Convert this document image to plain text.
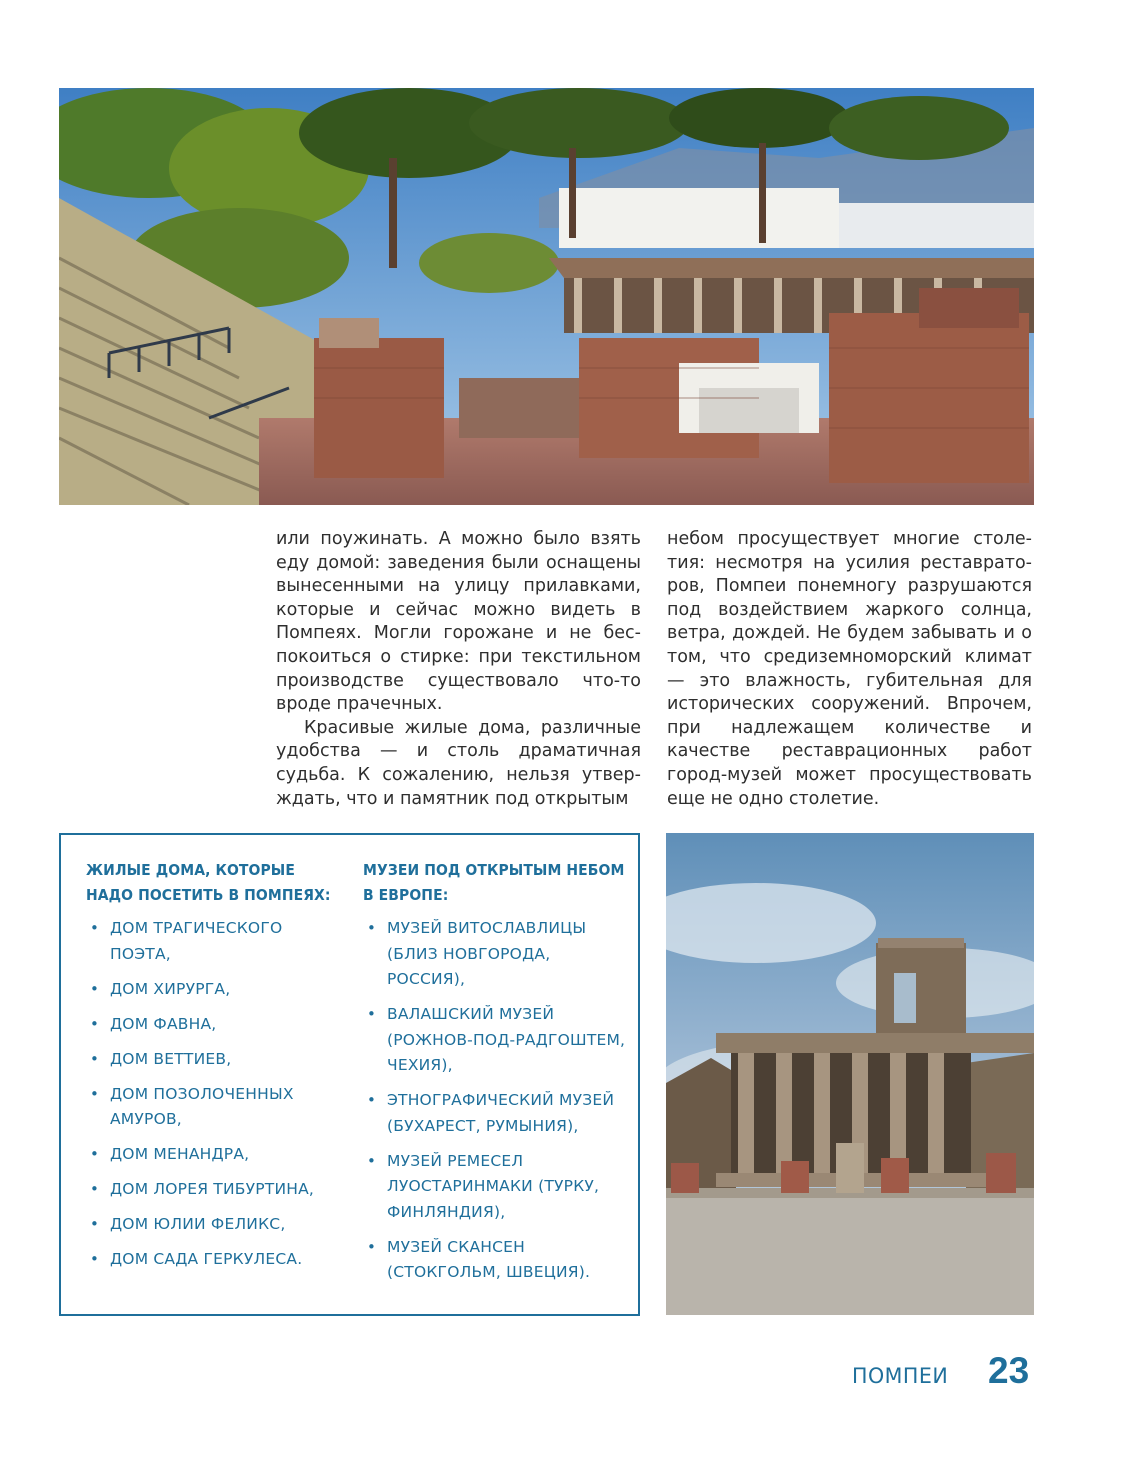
или поужинать. А можно было взять еду домой: заведения были оснащены вынесенными на улицу прилавками, которые и сейчас можно видеть в Помпеях. Могли горожане и не беспокоиться о стирке: при текстильном производстве существовало что-то вроде прачечных.

Красивые жилые дома, различные удобства — и столь драматичная судьба. К сожалению, нельзя утверждать, что и памятник под открытым

небом просуществует многие столетия: несмотря на усилия реставраторов, Помпеи понемногу разрушаются под воздействием жаркого солнца, ветра, дождей. Не будем забывать и о том, что средиземноморский климат — это влажность, губительная для исторических сооружений. Впрочем, при надлежащем количестве и качестве реставрационных работ город-музей может просуществовать еще не одно столетие.

ЖИЛЫЕ ДОМА, КОТОРЫЕ НАДО ПОСЕТИТЬ В ПОМПЕЯХ:
• ДОМ ТРАГИЧЕСКОГО ПОЭТА,
• ДОМ ХИРУРГА,
• ДОМ ФАВНА,
• ДОМ ВЕТТИЕВ,
• ДОМ ПОЗОЛОЧЕННЫХ АМУРОВ,
• ДОМ МЕНАНДРА,
• ДОМ ЛОРЕЯ ТИБУРТИНА,
• ДОМ ЮЛИИ ФЕЛИКС,
• ДОМ САДА ГЕРКУЛЕСА.
МУЗЕИ ПОД ОТКРЫТЫМ НЕБОМ В ЕВРОПЕ:
• МУЗЕЙ ВИТОСЛАВЛИЦЫ (БЛИЗ НОВГОРОДА, РОССИЯ),
• ВАЛАШСКИЙ МУЗЕЙ (РОЖНОВ-ПОД-РАДГОШТЕМ, ЧЕХИЯ),
• ЭТНОГРАФИЧЕСКИЙ МУЗЕЙ (БУХАРЕСТ, РУМЫНИЯ),
• МУЗЕЙ РЕМЕСЕЛ ЛУОСТАРИНМАКИ (ТУРКУ, ФИНЛЯНДИЯ),
• МУЗЕЙ СКАНСЕН (СТОКГОЛЬМ, ШВЕЦИЯ).
ПОМПЕИ 23
